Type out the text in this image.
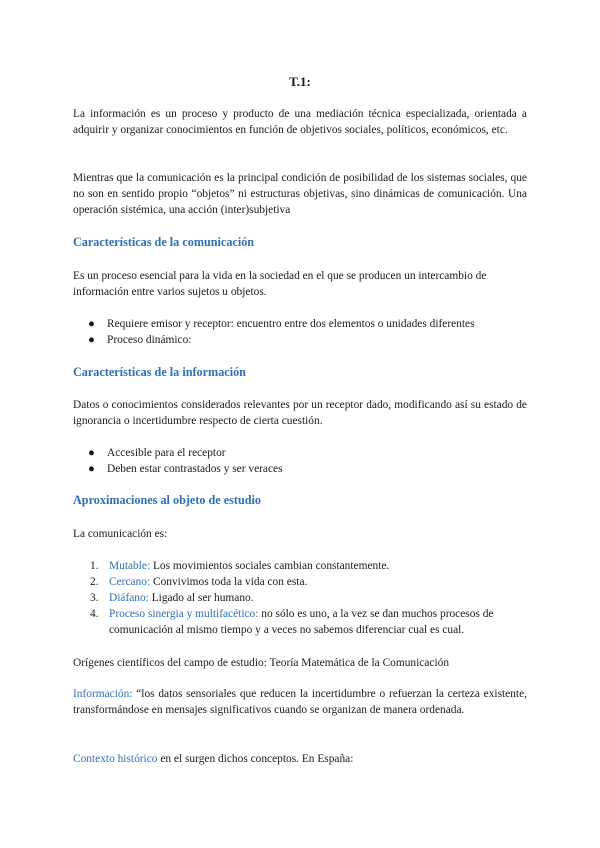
T.1:

La información es un proceso y producto de una mediación técnica especializada, orientada a adquirir y organizar conocimientos en función de objetivos sociales, políticos, económicos, etc.

Mientras que la comunicación es la principal condición de posibilidad de los sistemas sociales, que no son en sentido propio “objetos” ni estructuras objetivas, sino dinámicas de comunicación. Una operación sistémica, una acción (inter)subjetiva

Características de la comunicación

Es un proceso esencial para la vida en la sociedad en el que se producen un intercambio de información entre varios sujetos u objetos.

● Requiere emisor y receptor: encuentro entre dos elementos o unidades diferentes
● Proceso dinámico:
Características de la información

Datos o conocimientos considerados relevantes por un receptor dado, modificando así su estado de ignorancia o incertidumbre respecto de cierta cuestión.

● Accesible para el receptor
● Deben estar contrastados y ser veraces
Aproximaciones al objeto de estudio

La comunicación es:

1. Mutable: Los movimientos sociales cambian constantemente.
2. Cercano: Convivimos toda la vida con esta.
3. Diáfano: Ligado al ser humano.
4. Proceso sinergia y multifacético: no sólo es uno, a la vez se dan muchos procesos de comunicación al mismo tiempo y a veces no sabemos diferenciar cual es cual.

Orígenes científicos del campo de estudio: Teoría Matemática de la Comunicación

Información: “los datos sensoriales que reducen la incertidumbre o refuerzan la certeza existente, transformándose en mensajes significativos cuando se organizan de manera ordenada.

Contexto histórico en el surgen dichos conceptos. En España:
